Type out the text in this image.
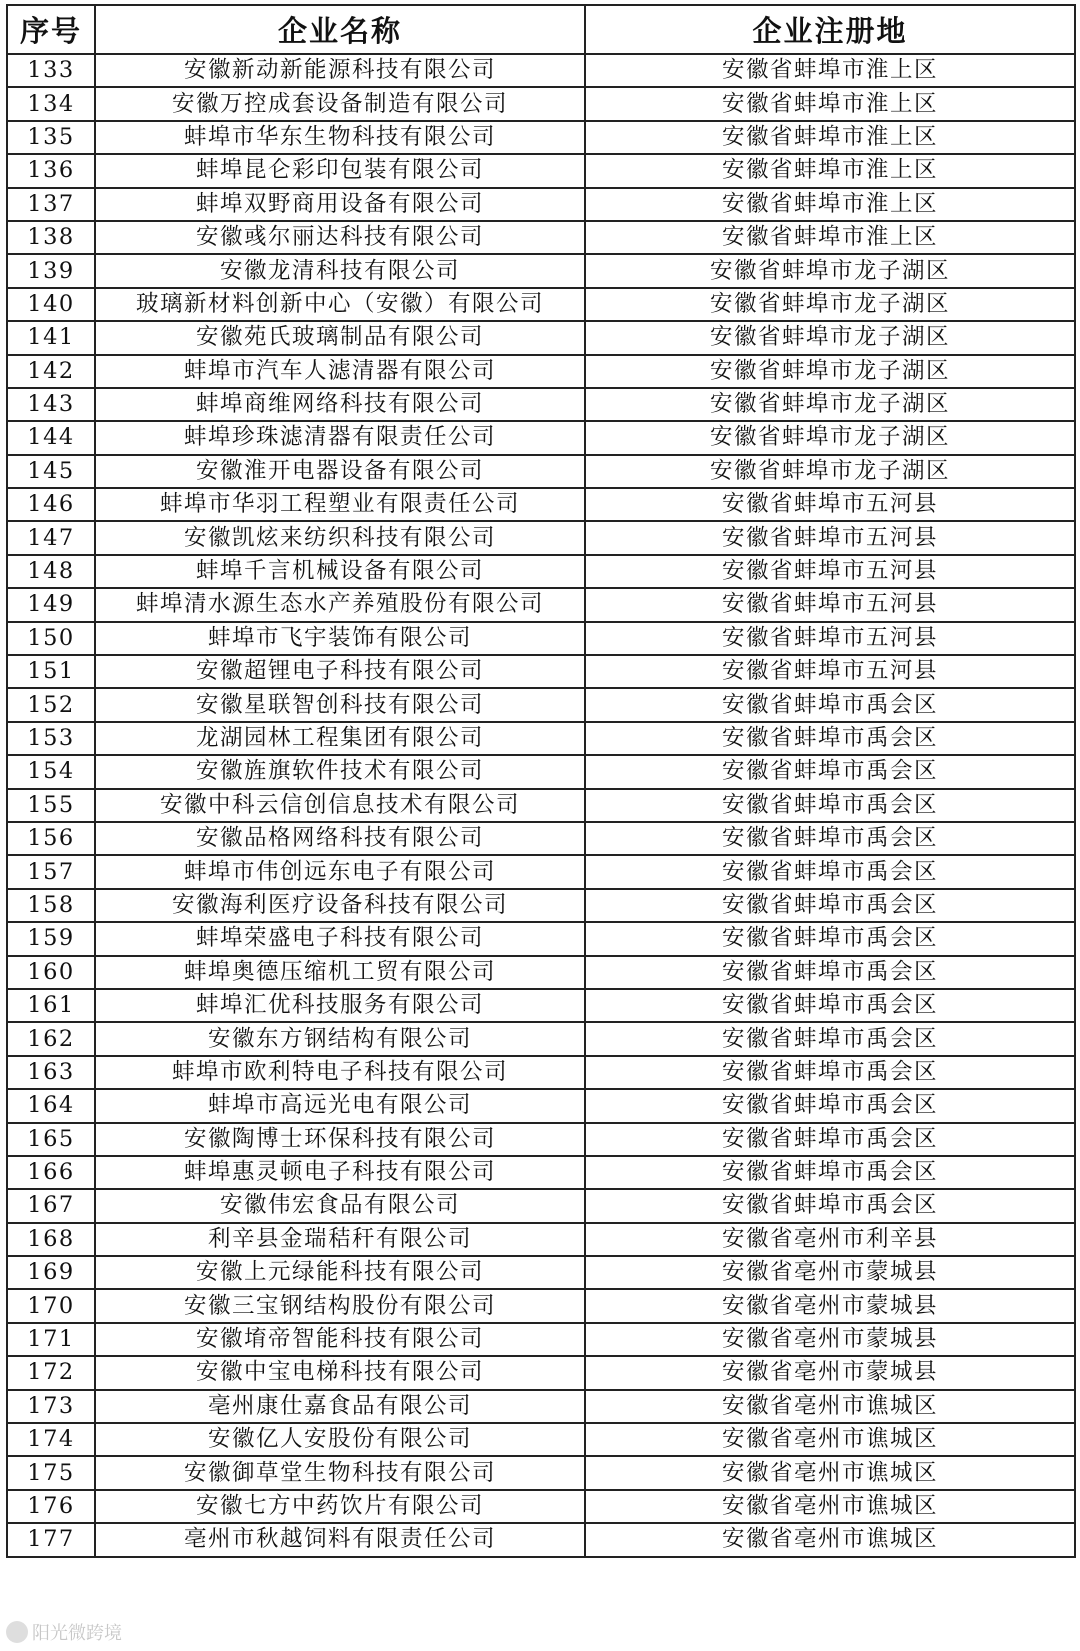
序号	企业名称	企业注册地
133	安徽新动新能源科技有限公司	安徽省蚌埠市淮上区
134	安徽万控成套设备制造有限公司	安徽省蚌埠市淮上区
135	蚌埠市华东生物科技有限公司	安徽省蚌埠市淮上区
136	蚌埠昆仑彩印包装有限公司	安徽省蚌埠市淮上区
137	蚌埠双野商用设备有限公司	安徽省蚌埠市淮上区
138	安徽彧尔丽达科技有限公司	安徽省蚌埠市淮上区
139	安徽龙清科技有限公司	安徽省蚌埠市龙子湖区
140	玻璃新材料创新中心（安徽）有限公司	安徽省蚌埠市龙子湖区
141	安徽苑氏玻璃制品有限公司	安徽省蚌埠市龙子湖区
142	蚌埠市汽车人滤清器有限公司	安徽省蚌埠市龙子湖区
143	蚌埠商维网络科技有限公司	安徽省蚌埠市龙子湖区
144	蚌埠珍珠滤清器有限责任公司	安徽省蚌埠市龙子湖区
145	安徽淮开电器设备有限公司	安徽省蚌埠市龙子湖区
146	蚌埠市华羽工程塑业有限责任公司	安徽省蚌埠市五河县
147	安徽凯炫来纺织科技有限公司	安徽省蚌埠市五河县
148	蚌埠千言机械设备有限公司	安徽省蚌埠市五河县
149	蚌埠清水源生态水产养殖股份有限公司	安徽省蚌埠市五河县
150	蚌埠市飞宇装饰有限公司	安徽省蚌埠市五河县
151	安徽超锂电子科技有限公司	安徽省蚌埠市五河县
152	安徽星联智创科技有限公司	安徽省蚌埠市禹会区
153	龙湖园林工程集团有限公司	安徽省蚌埠市禹会区
154	安徽旌旗软件技术有限公司	安徽省蚌埠市禹会区
155	安徽中科云信创信息技术有限公司	安徽省蚌埠市禹会区
156	安徽品格网络科技有限公司	安徽省蚌埠市禹会区
157	蚌埠市伟创远东电子有限公司	安徽省蚌埠市禹会区
158	安徽海利医疗设备科技有限公司	安徽省蚌埠市禹会区
159	蚌埠荣盛电子科技有限公司	安徽省蚌埠市禹会区
160	蚌埠奥德压缩机工贸有限公司	安徽省蚌埠市禹会区
161	蚌埠汇优科技服务有限公司	安徽省蚌埠市禹会区
162	安徽东方钢结构有限公司	安徽省蚌埠市禹会区
163	蚌埠市欧利特电子科技有限公司	安徽省蚌埠市禹会区
164	蚌埠市高远光电有限公司	安徽省蚌埠市禹会区
165	安徽陶博士环保科技有限公司	安徽省蚌埠市禹会区
166	蚌埠惠灵顿电子科技有限公司	安徽省蚌埠市禹会区
167	安徽伟宏食品有限公司	安徽省蚌埠市禹会区
168	利辛县金瑞秸秆有限公司	安徽省亳州市利辛县
169	安徽上元绿能科技有限公司	安徽省亳州市蒙城县
170	安徽三宝钢结构股份有限公司	安徽省亳州市蒙城县
171	安徽堉帝智能科技有限公司	安徽省亳州市蒙城县
172	安徽中宝电梯科技有限公司	安徽省亳州市蒙城县
173	亳州康仕嘉食品有限公司	安徽省亳州市谯城区
174	安徽亿人安股份有限公司	安徽省亳州市谯城区
175	安徽御草堂生物科技有限公司	安徽省亳州市谯城区
176	安徽七方中药饮片有限公司	安徽省亳州市谯城区
177	亳州市秋越饲料有限责任公司	安徽省亳州市谯城区
阳光微跨境
